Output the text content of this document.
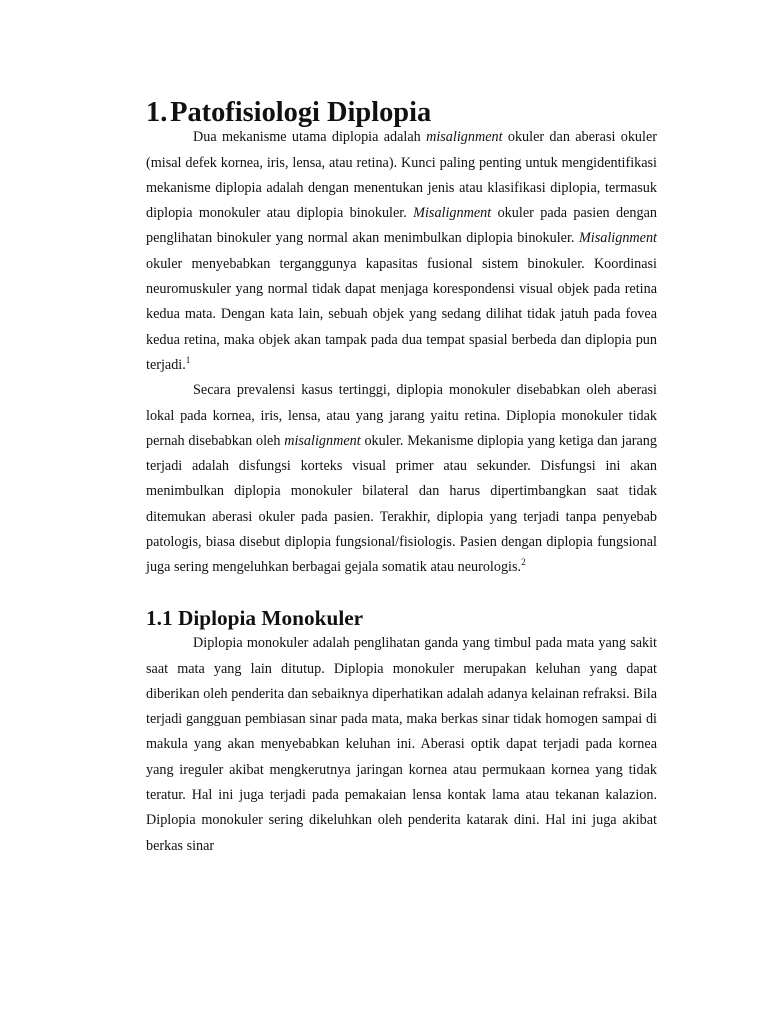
1. Patofisiologi Diplopia

Dua mekanisme utama diplopia adalah misalignment okuler dan aberasi okuler (misal defek kornea, iris, lensa, atau retina). Kunci paling penting untuk mengidentifikasi mekanisme diplopia adalah dengan menentukan jenis atau klasifikasi diplopia, termasuk diplopia monokuler atau diplopia binokuler. Misalignment okuler pada pasien dengan penglihatan binokuler yang normal akan menimbulkan diplopia binokuler. Misalignment okuler menyebabkan terganggunya kapasitas fusional sistem binokuler. Koordinasi neuromuskuler yang normal tidak dapat menjaga korespondensi visual objek pada retina kedua mata. Dengan kata lain, sebuah objek yang sedang dilihat tidak jatuh pada fovea kedua retina, maka objek akan tampak pada dua tempat spasial berbeda dan diplopia pun terjadi.$^1$

Secara prevalensi kasus tertinggi, diplopia monokuler disebabkan oleh aberasi lokal pada kornea, iris, lensa, atau yang jarang yaitu retina. Diplopia monokuler tidak pernah disebabkan oleh misalignment okuler. Mekanisme diplopia yang ketiga dan jarang terjadi adalah disfungsi korteks visual primer atau sekunder. Disfungsi ini akan menimbulkan diplopia monokuler bilateral dan harus dipertimbangkan saat tidak ditemukan aberasi okuler pada pasien. Terakhir, diplopia yang terjadi tanpa penyebab patologis, biasa disebut diplopia fungsional/fisiologis. Pasien dengan diplopia fungsional juga sering mengeluhkan berbagai gejala somatik atau neurologis.$^2$

1.1 Diplopia Monokuler

Diplopia monokuler adalah penglihatan ganda yang timbul pada mata yang sakit saat mata yang lain ditutup. Diplopia monokuler merupakan keluhan yang dapat diberikan oleh penderita dan sebaiknya diperhatikan adalah adanya kelainan refraksi. Bila terjadi gangguan pembiasan sinar pada mata, maka berkas sinar tidak homogen sampai di makula yang akan menyebabkan keluhan ini. Aberasi optik dapat terjadi pada kornea yang ireguler akibat mengkerutnya jaringan kornea atau permukaan kornea yang tidak teratur. Hal ini juga terjadi pada pemakaian lensa kontak lama atau tekanan kalazion. Diplopia monokuler sering dikeluhkan oleh penderita katarak dini. Hal ini juga akibat berkas sinar
